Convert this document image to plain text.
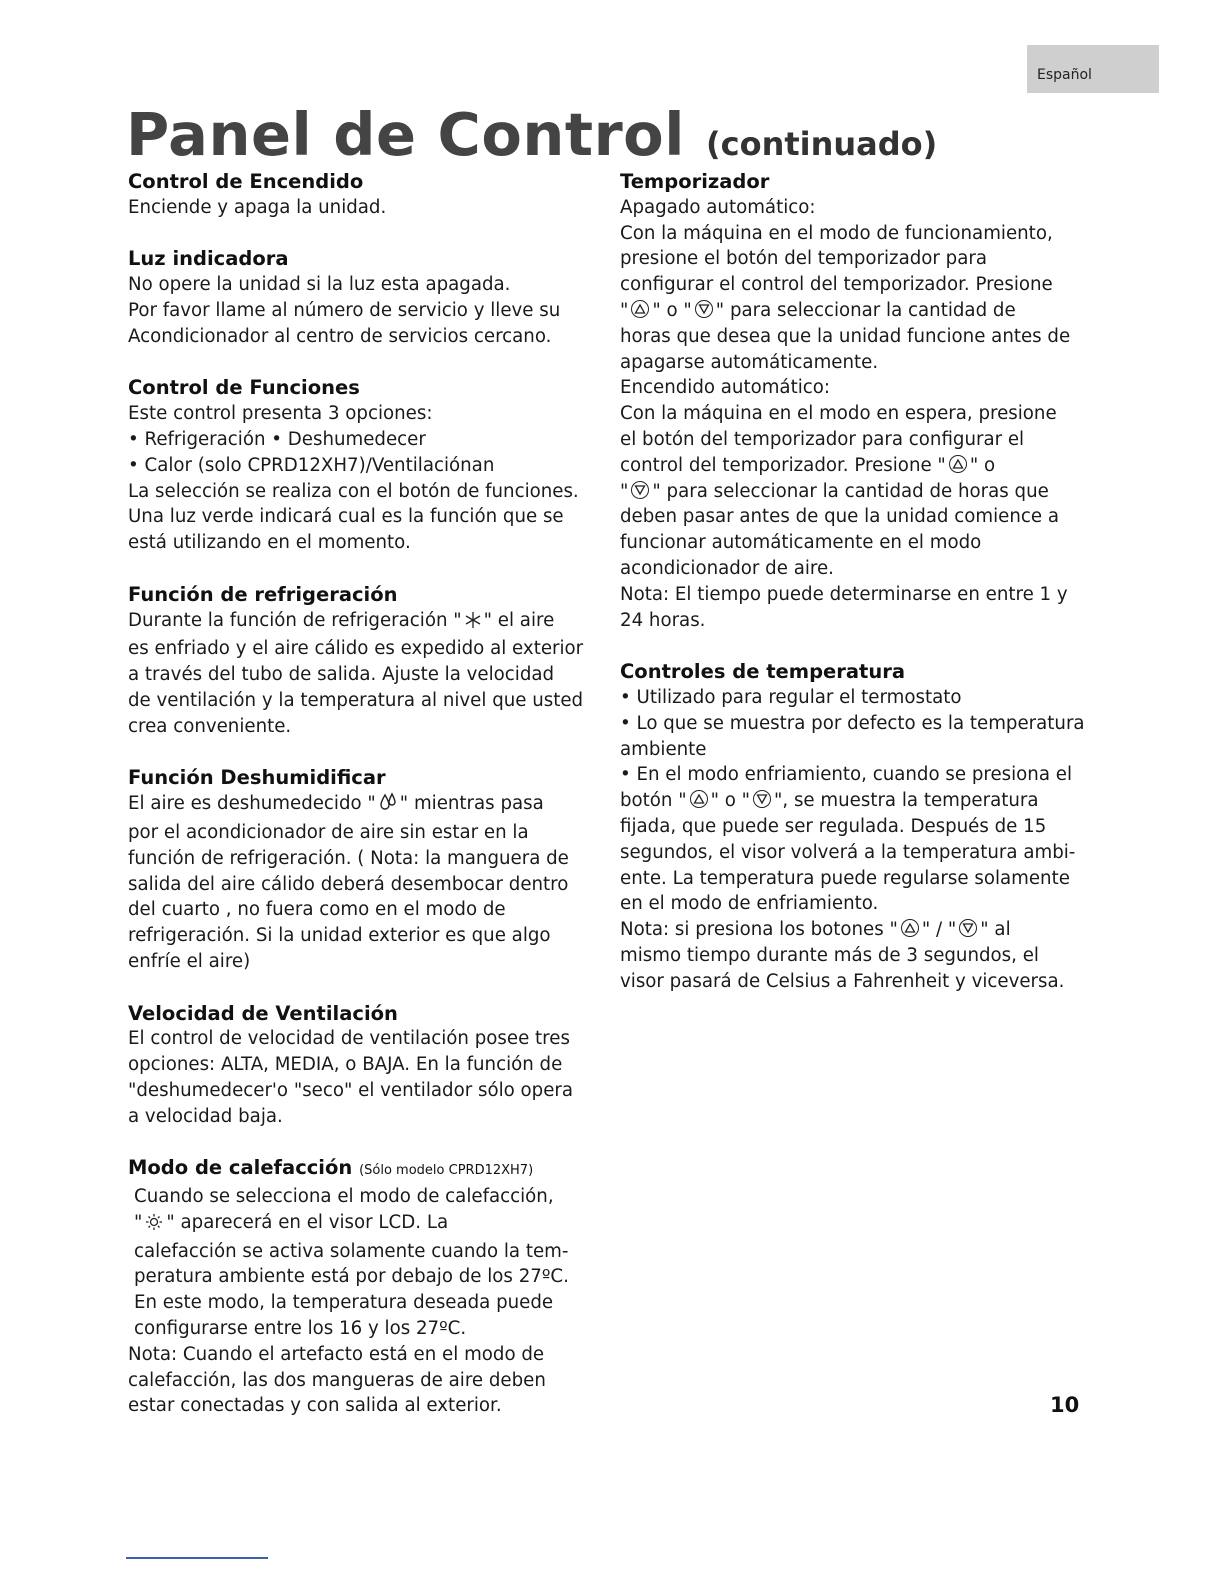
Español
Panel de Control (continuado)
Control de Encendido
Enciende y apaga la unidad.
Luz indicadora
No opere la unidad si la luz esta apagada.
Por favor llame al número de servicio y lleve su
Acondicionador al centro de servicios cercano.
Control de Funciones
Este control presenta 3 opciones:
• Refrigeración • Deshumedecer
• Calor (solo CPRD12XH7)/Ventilaciónan
La selección se realiza con el botón de funciones.
Una luz verde indicará cual es la función que se
está utilizando en el momento.
Función de refrigeración
Durante la función de refrigeración " " el aire
es enfriado y el aire cálido es expedido al exterior
a través del tubo de salida. Ajuste la velocidad
de ventilación y la temperatura al nivel que usted
crea conveniente.
Función Deshumidificar
El aire es deshumedecido " " mientras pasa
por el acondicionador de aire sin estar en la
función de refrigeración. ( Nota: la manguera de
salida del aire cálido deberá desembocar dentro
del cuarto , no fuera como en el modo de
refrigeración. Si la unidad exterior es que algo
enfríe el aire)
Velocidad de Ventilación
El control de velocidad de ventilación posee tres
opciones: ALTA, MEDIA, o BAJA. En la función de
"deshumedecer'o "seco" el ventilador sólo opera
a velocidad baja.
Modo de calefacción (Sólo modelo CPRD12XH7)
Cuando se selecciona el modo de calefacción,
" " aparecerá en el visor LCD. La
calefacción se activa solamente cuando la tem-
peratura ambiente está por debajo de los 27ºC.
En este modo, la temperatura deseada puede
configurarse entre los 16 y los 27ºC.
Nota: Cuando el artefacto está en el modo de
calefacción, las dos mangueras de aire deben
estar conectadas y con salida al exterior.
Temporizador
Apagado automático:
Con la máquina en el modo de funcionamiento,
presione el botón del temporizador para
configurar el control del temporizador. Presione
" " o " " para seleccionar la cantidad de
horas que desea que la unidad funcione antes de
apagarse automáticamente.
Encendido automático:
Con la máquina en el modo en espera, presione
el botón del temporizador para configurar el
control del temporizador. Presione " " o
" " para seleccionar la cantidad de horas que
deben pasar antes de que la unidad comience a
funcionar automáticamente en el modo
acondicionador de aire.
Nota: El tiempo puede determinarse en entre 1 y
24 horas.
Controles de temperatura
• Utilizado para regular el termostato
• Lo que se muestra por defecto es la temperatura
ambiente
• En el modo enfriamiento, cuando se presiona el
botón " " o " ", se muestra la temperatura
fijada, que puede ser regulada. Después de 15
segundos, el visor volverá a la temperatura ambi-
ente. La temperatura puede regularse solamente
en el modo de enfriamiento.
Nota: si presiona los botones " " / " " al
mismo tiempo durante más de 3 segundos, el
visor pasará de Celsius a Fahrenheit y viceversa.
10
